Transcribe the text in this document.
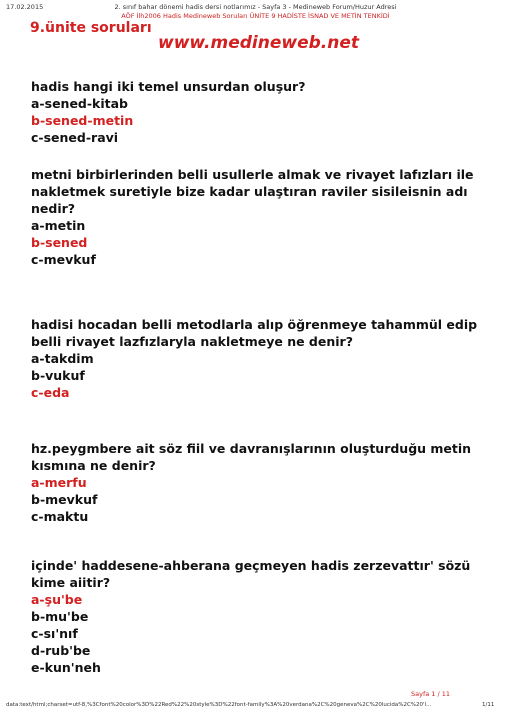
17.02.2015	2. sınıf bahar dönemi hadis dersi notlarımız - Sayfa 3 - Medineweb Forum/Huzur Adresi
AÖF İlh2006 Hadis Medineweb Soruları ÜNİTE 9 HADİSTE İSNAD VE METİN TENKİDİ
9.ünite soruları
www.medineweb.net

hadis hangi iki temel unsurdan oluşur?

a-sened-kitab
b-sened-metin
c-sened-ravi

metni birbirlerinden belli usullerle almak ve rivayet lafızları ile nakletmek suretiyle bize kadar ulaştıran raviler sisileisnin adı nedir?

a-metin
b-sened
c-mevkuf

hadisi hocadan belli metodlarla alıp öğrenmeye tahammül edip belli rivayet lazfızlaryla nakletmeye ne denir?

a-takdim
b-vukuf
c-eda

hz.peygmbere ait söz fiil ve davranışlarının oluşturduğu metin kısmına ne denir?

a-merfu
b-mevkuf
c-maktu

içinde' haddesene-ahberana geçmeyen hadis zerzevattır' sözü kime aiitir?

a-şu'be
b-mu'be
c-sı'nıf
d-rub'be
e-kun'neh
Sayfa 1 / 11
data:text/html;charset=utf-8,%3Cfont%20color%3D%22Red%22%20style%3D%22font-family%3A%20verdana%2C%20geneva%2C%20lucida%2C%20'l...	1/11
